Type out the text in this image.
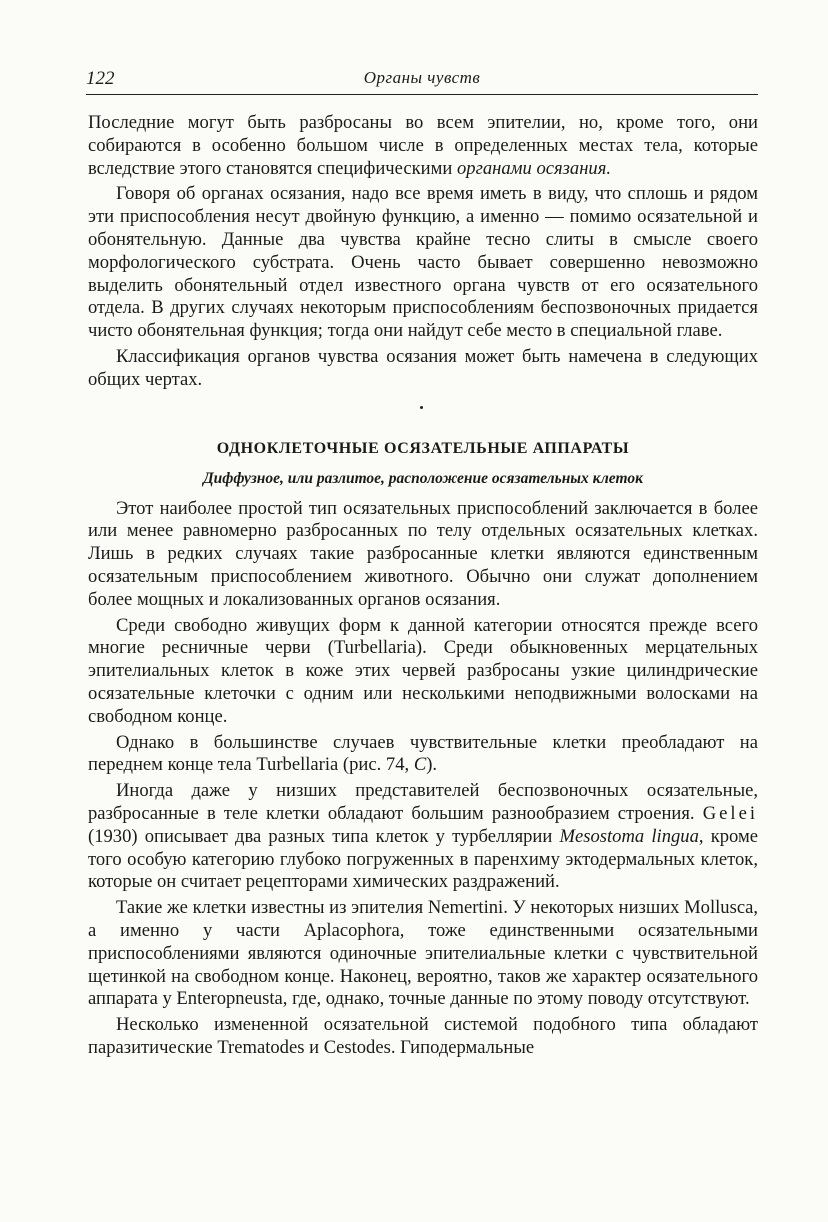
122	Органы чувств

Последние могут быть разбросаны во всем эпителии, но, кроме того, они собираются в особенно большом числе в определенных местах тела, которые вследствие этого становятся специфическими органами осязания.

Говоря об органах осязания, надо все время иметь в виду, что сплошь и рядом эти приспособления несут двойную функцию, а именно — помимо осязательной и обонятельную. Данные два чувства крайне тесно слиты в смысле своего морфологического субстрата. Очень часто бывает совершенно невозможно выделить обонятельный отдел известного органа чувств от его осязательного отдела. В других случаях некоторым приспособлениям беспозвоночных придается чисто обонятельная функция; тогда они найдут себе место в специальной главе.

Классификация органов чувства осязания может быть намечена в следующих общих чертах.

ОДНОКЛЕТОЧНЫЕ ОСЯЗАТЕЛЬНЫЕ АППАРАТЫ
Диффузное, или разлитое, расположение осязательных клеток

Этот наиболее простой тип осязательных приспособлений заключается в более или менее равномерно разбросанных по телу отдельных осязательных клетках. Лишь в редких случаях такие разбросанные клетки являются единственным осязательным приспособлением животного. Обычно они служат дополнением более мощных и локализованных органов осязания.

Среди свободно живущих форм к данной категории относятся прежде всего многие ресничные черви (Turbellaria). Среди обыкновенных мерцательных эпителиальных клеток в коже этих червей разбросаны узкие цилиндрические осязательные клеточки с одним или несколькими неподвижными волосками на свободном конце.

Однако в большинстве случаев чувствительные клетки преобладают на переднем конце тела Turbellaria (рис. 74, C).

Иногда даже у низших представителей беспозвоночных осязательные, разбросанные в теле клетки обладают большим разнообразием строения. Gelei (1930) описывает два разных типа клеток у турбеллярии Mesostoma lingua, кроме того особую категорию глубоко погруженных в паренхиму эктодермальных клеток, которые он считает рецепторами химических раздражений.

Такие же клетки известны из эпителия Nemertini. У некоторых низших Mollusca, а именно у части Aplacophora, тоже единственными осязательными приспособлениями являются одиночные эпителиальные клетки с чувствительной щетинкой на свободном конце. Наконец, вероятно, таков же характер осязательного аппарата у Enteropneusta, где, однако, точные данные по этому поводу отсутствуют.

Несколько измененной осязательной системой подобного типа обладают паразитические Trematodes и Cestodes. Гиподермальные
